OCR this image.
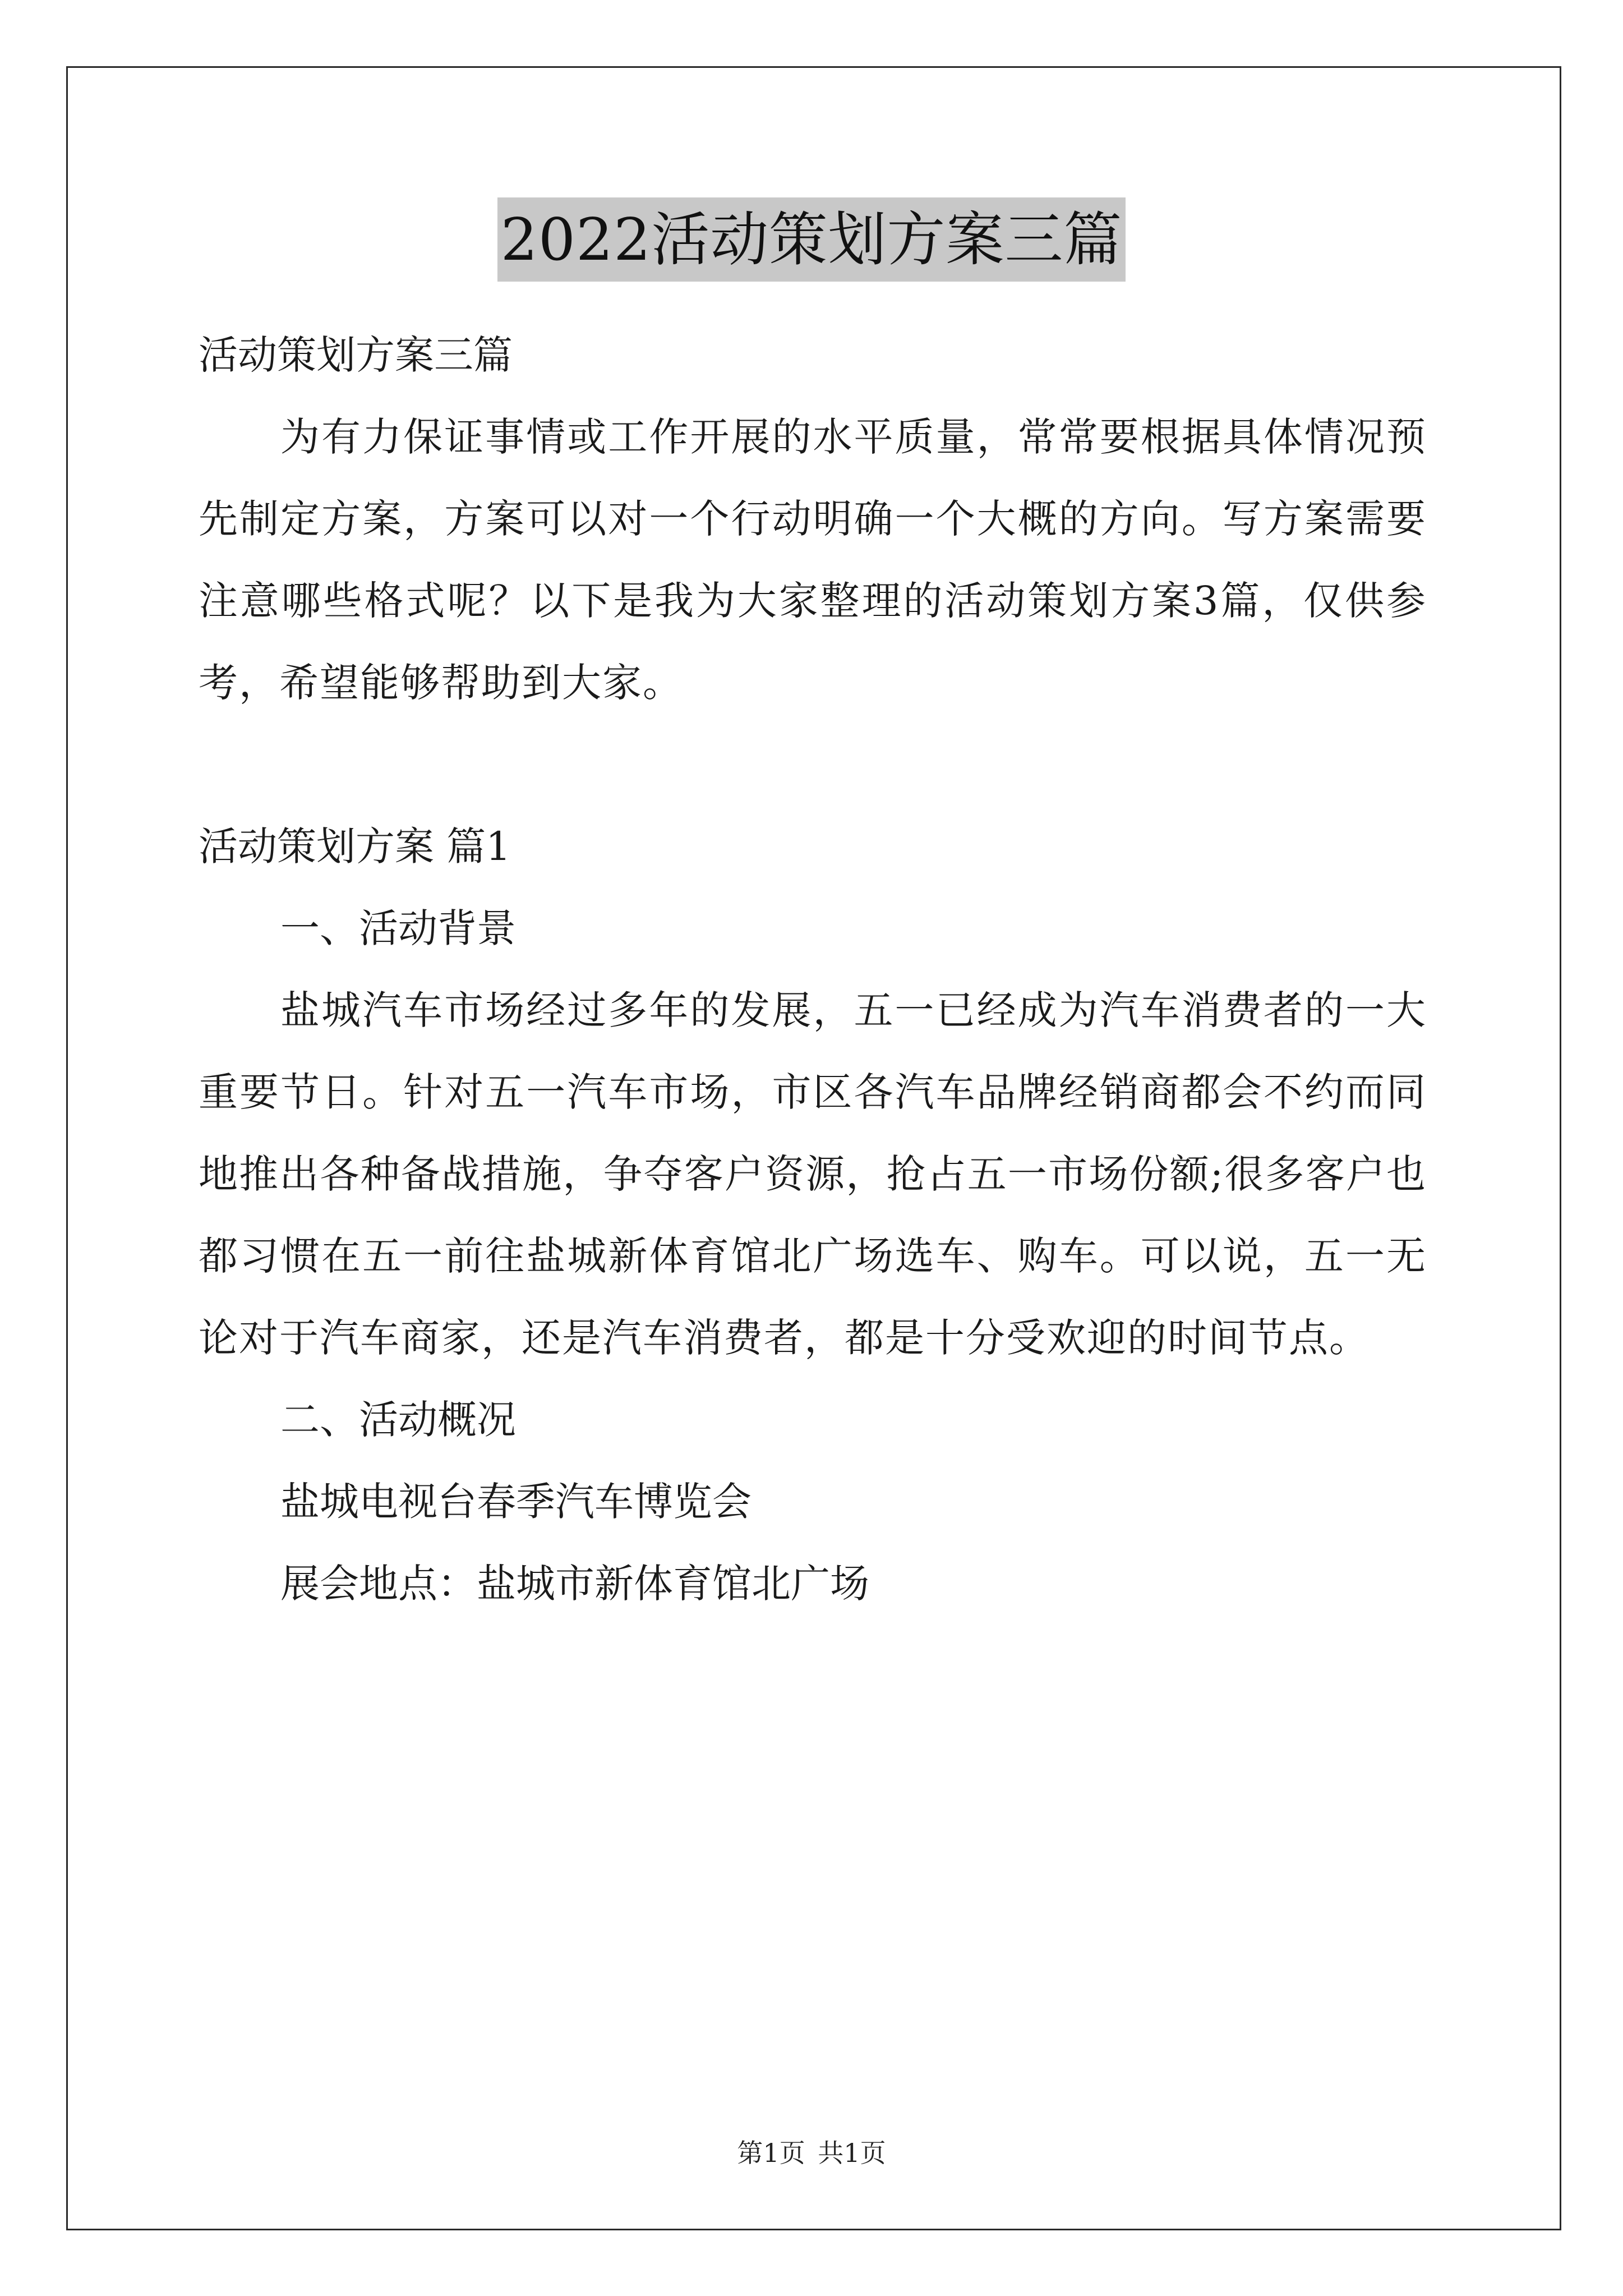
2022活动策划方案三篇

活动策划方案三篇

为有力保证事情或工作开展的水平质量，常常要根据具体情况预先制定方案，方案可以对一个行动明确一个大概的方向。写方案需要注意哪些格式呢？以下是我为大家整理的活动策划方案3篇，仅供参考，希望能够帮助到大家。

活动策划方案 篇1

一、活动背景

盐城汽车市场经过多年的发展，五一已经成为汽车消费者的一大重要节日。针对五一汽车市场，市区各汽车品牌经销商都会不约而同地推出各种备战措施，争夺客户资源，抢占五一市场份额;很多客户也都习惯在五一前往盐城新体育馆北广场选车、购车。可以说，五一无论对于汽车商家，还是汽车消费者，都是十分受欢迎的时间节点。

二、活动概况

盐城电视台春季汽车博览会

展会地点：盐城市新体育馆北广场

第1页 共1页
